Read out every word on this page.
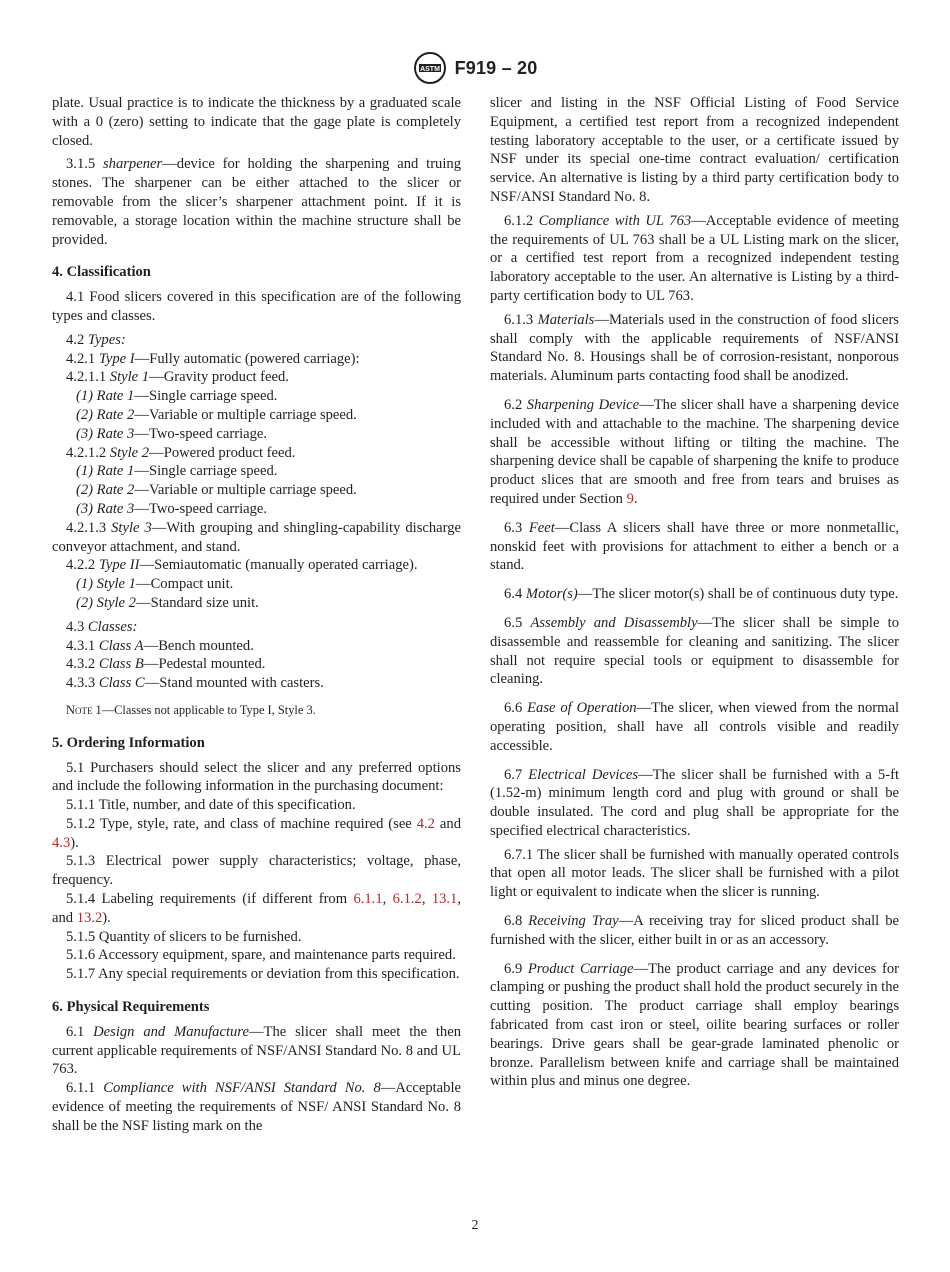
ASTM F919 – 20

plate. Usual practice is to indicate the thickness by a graduated scale with a 0 (zero) setting to indicate that the gage plate is completely closed.

3.1.5 sharpener—device for holding the sharpening and truing stones. The sharpener can be either attached to the slicer or removable from the slicer’s sharpener attachment point. If it is removable, a storage location within the machine structure shall be provided.

4. Classification

4.1 Food slicers covered in this specification are of the following types and classes.

4.2 Types:

4.2.1 Type I—Fully automatic (powered carriage):

4.2.1.1 Style 1—Gravity product feed.

(1) Rate 1—Single carriage speed.

(2) Rate 2—Variable or multiple carriage speed.

(3) Rate 3—Two-speed carriage.

4.2.1.2 Style 2—Powered product feed.

(1) Rate 1—Single carriage speed.

(2) Rate 2—Variable or multiple carriage speed.

(3) Rate 3—Two-speed carriage.

4.2.1.3 Style 3—With grouping and shingling-capability discharge conveyor attachment, and stand.

4.2.2 Type II—Semiautomatic (manually operated carriage).

(1) Style 1—Compact unit.

(2) Style 2—Standard size unit.

4.3 Classes:

4.3.1 Class A—Bench mounted.

4.3.2 Class B—Pedestal mounted.

4.3.3 Class C—Stand mounted with casters.

Note 1—Classes not applicable to Type I, Style 3.

5. Ordering Information

5.1 Purchasers should select the slicer and any preferred options and include the following information in the purchasing document:

5.1.1 Title, number, and date of this specification.

5.1.2 Type, style, rate, and class of machine required (see 4.2 and 4.3).

5.1.3 Electrical power supply characteristics; voltage, phase, frequency.

5.1.4 Labeling requirements (if different from 6.1.1, 6.1.2, 13.1, and 13.2).

5.1.5 Quantity of slicers to be furnished.

5.1.6 Accessory equipment, spare, and maintenance parts required.

5.1.7 Any special requirements or deviation from this specification.

6. Physical Requirements

6.1 Design and Manufacture—The slicer shall meet the then current applicable requirements of NSF/ANSI Standard No. 8 and UL 763.

6.1.1 Compliance with NSF/ANSI Standard No. 8—Acceptable evidence of meeting the requirements of NSF/ ANSI Standard No. 8 shall be the NSF listing mark on the

slicer and listing in the NSF Official Listing of Food Service Equipment, a certified test report from a recognized independent testing laboratory acceptable to the user, or a certificate issued by NSF under its special one-time contract evaluation/ certification service. An alternative is listing by a third party certification body to NSF/ANSI Standard No. 8.

6.1.2 Compliance with UL 763—Acceptable evidence of meeting the requirements of UL 763 shall be a UL Listing mark on the slicer, or a certified test report from a recognized independent testing laboratory acceptable to the user. An alternative is Listing by a third-party certification body to UL 763.

6.1.3 Materials—Materials used in the construction of food slicers shall comply with the applicable requirements of NSF/ANSI Standard No. 8. Housings shall be of corrosion-resistant, nonporous materials. Aluminum parts contacting food shall be anodized.

6.2 Sharpening Device—The slicer shall have a sharpening device included with and attachable to the machine. The sharpening device shall be accessible without lifting or tilting the machine. The sharpening device shall be capable of sharpening the knife to produce product slices that are smooth and free from tears and bruises as required under Section 9.

6.3 Feet—Class A slicers shall have three or more nonmetallic, nonskid feet with provisions for attachment to either a bench or a stand.

6.4 Motor(s)—The slicer motor(s) shall be of continuous duty type.

6.5 Assembly and Disassembly—The slicer shall be simple to disassemble and reassemble for cleaning and sanitizing. The slicer shall not require special tools or equipment to disassemble for cleaning.

6.6 Ease of Operation—The slicer, when viewed from the normal operating position, shall have all controls visible and readily accessible.

6.7 Electrical Devices—The slicer shall be furnished with a 5-ft (1.52-m) minimum length cord and plug with ground or shall be double insulated. The cord and plug shall be appropriate for the specified electrical characteristics.

6.7.1 The slicer shall be furnished with manually operated controls that open all motor leads. The slicer shall be furnished with a pilot light or equivalent to indicate when the slicer is running.

6.8 Receiving Tray—A receiving tray for sliced product shall be furnished with the slicer, either built in or as an accessory.

6.9 Product Carriage—The product carriage and any devices for clamping or pushing the product shall hold the product securely in the cutting position. The product carriage shall employ bearings fabricated from cast iron or steel, oilite bearing surfaces or roller bearings. Drive gears shall be gear-grade laminated phenolic or bronze. Parallelism between knife and carriage shall be maintained within plus and minus one degree.

2
